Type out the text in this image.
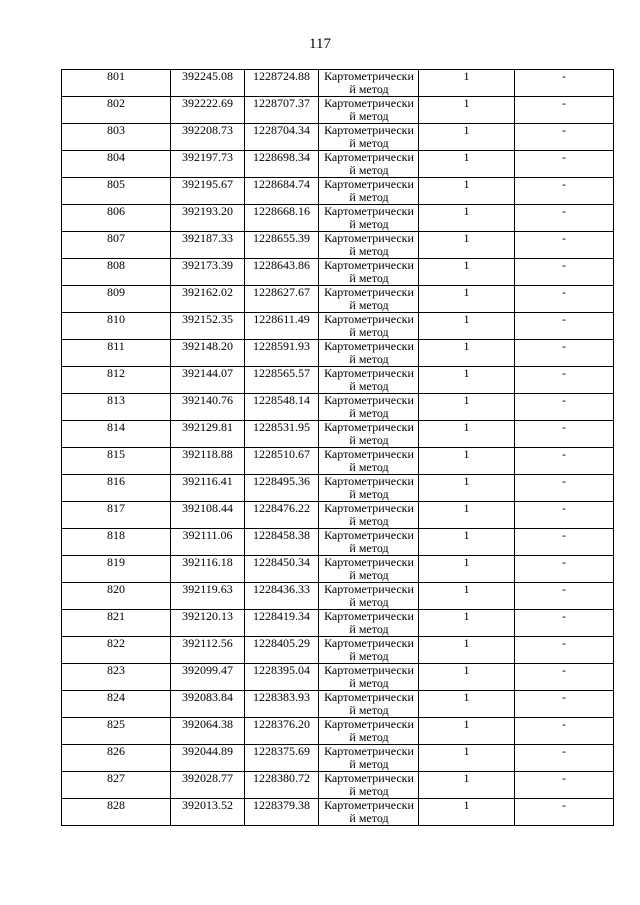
117
801	392245.08	1228724.88	Картометрический метод	1	-
802	392222.69	1228707.37	Картометрический метод	1	-
803	392208.73	1228704.34	Картометрический метод	1	-
804	392197.73	1228698.34	Картометрический метод	1	-
805	392195.67	1228684.74	Картометрический метод	1	-
806	392193.20	1228668.16	Картометрический метод	1	-
807	392187.33	1228655.39	Картометрический метод	1	-
808	392173.39	1228643.86	Картометрический метод	1	-
809	392162.02	1228627.67	Картометрический метод	1	-
810	392152.35	1228611.49	Картометрический метод	1	-
811	392148.20	1228591.93	Картометрический метод	1	-
812	392144.07	1228565.57	Картометрический метод	1	-
813	392140.76	1228548.14	Картометрический метод	1	-
814	392129.81	1228531.95	Картометрический метод	1	-
815	392118.88	1228510.67	Картометрический метод	1	-
816	392116.41	1228495.36	Картометрический метод	1	-
817	392108.44	1228476.22	Картометрический метод	1	-
818	392111.06	1228458.38	Картометрический метод	1	-
819	392116.18	1228450.34	Картометрический метод	1	-
820	392119.63	1228436.33	Картометрический метод	1	-
821	392120.13	1228419.34	Картометрический метод	1	-
822	392112.56	1228405.29	Картометрический метод	1	-
823	392099.47	1228395.04	Картометрический метод	1	-
824	392083.84	1228383.93	Картометрический метод	1	-
825	392064.38	1228376.20	Картометрический метод	1	-
826	392044.89	1228375.69	Картометрический метод	1	-
827	392028.77	1228380.72	Картометрический метод	1	-
828	392013.52	1228379.38	Картометрический метод	1	-
